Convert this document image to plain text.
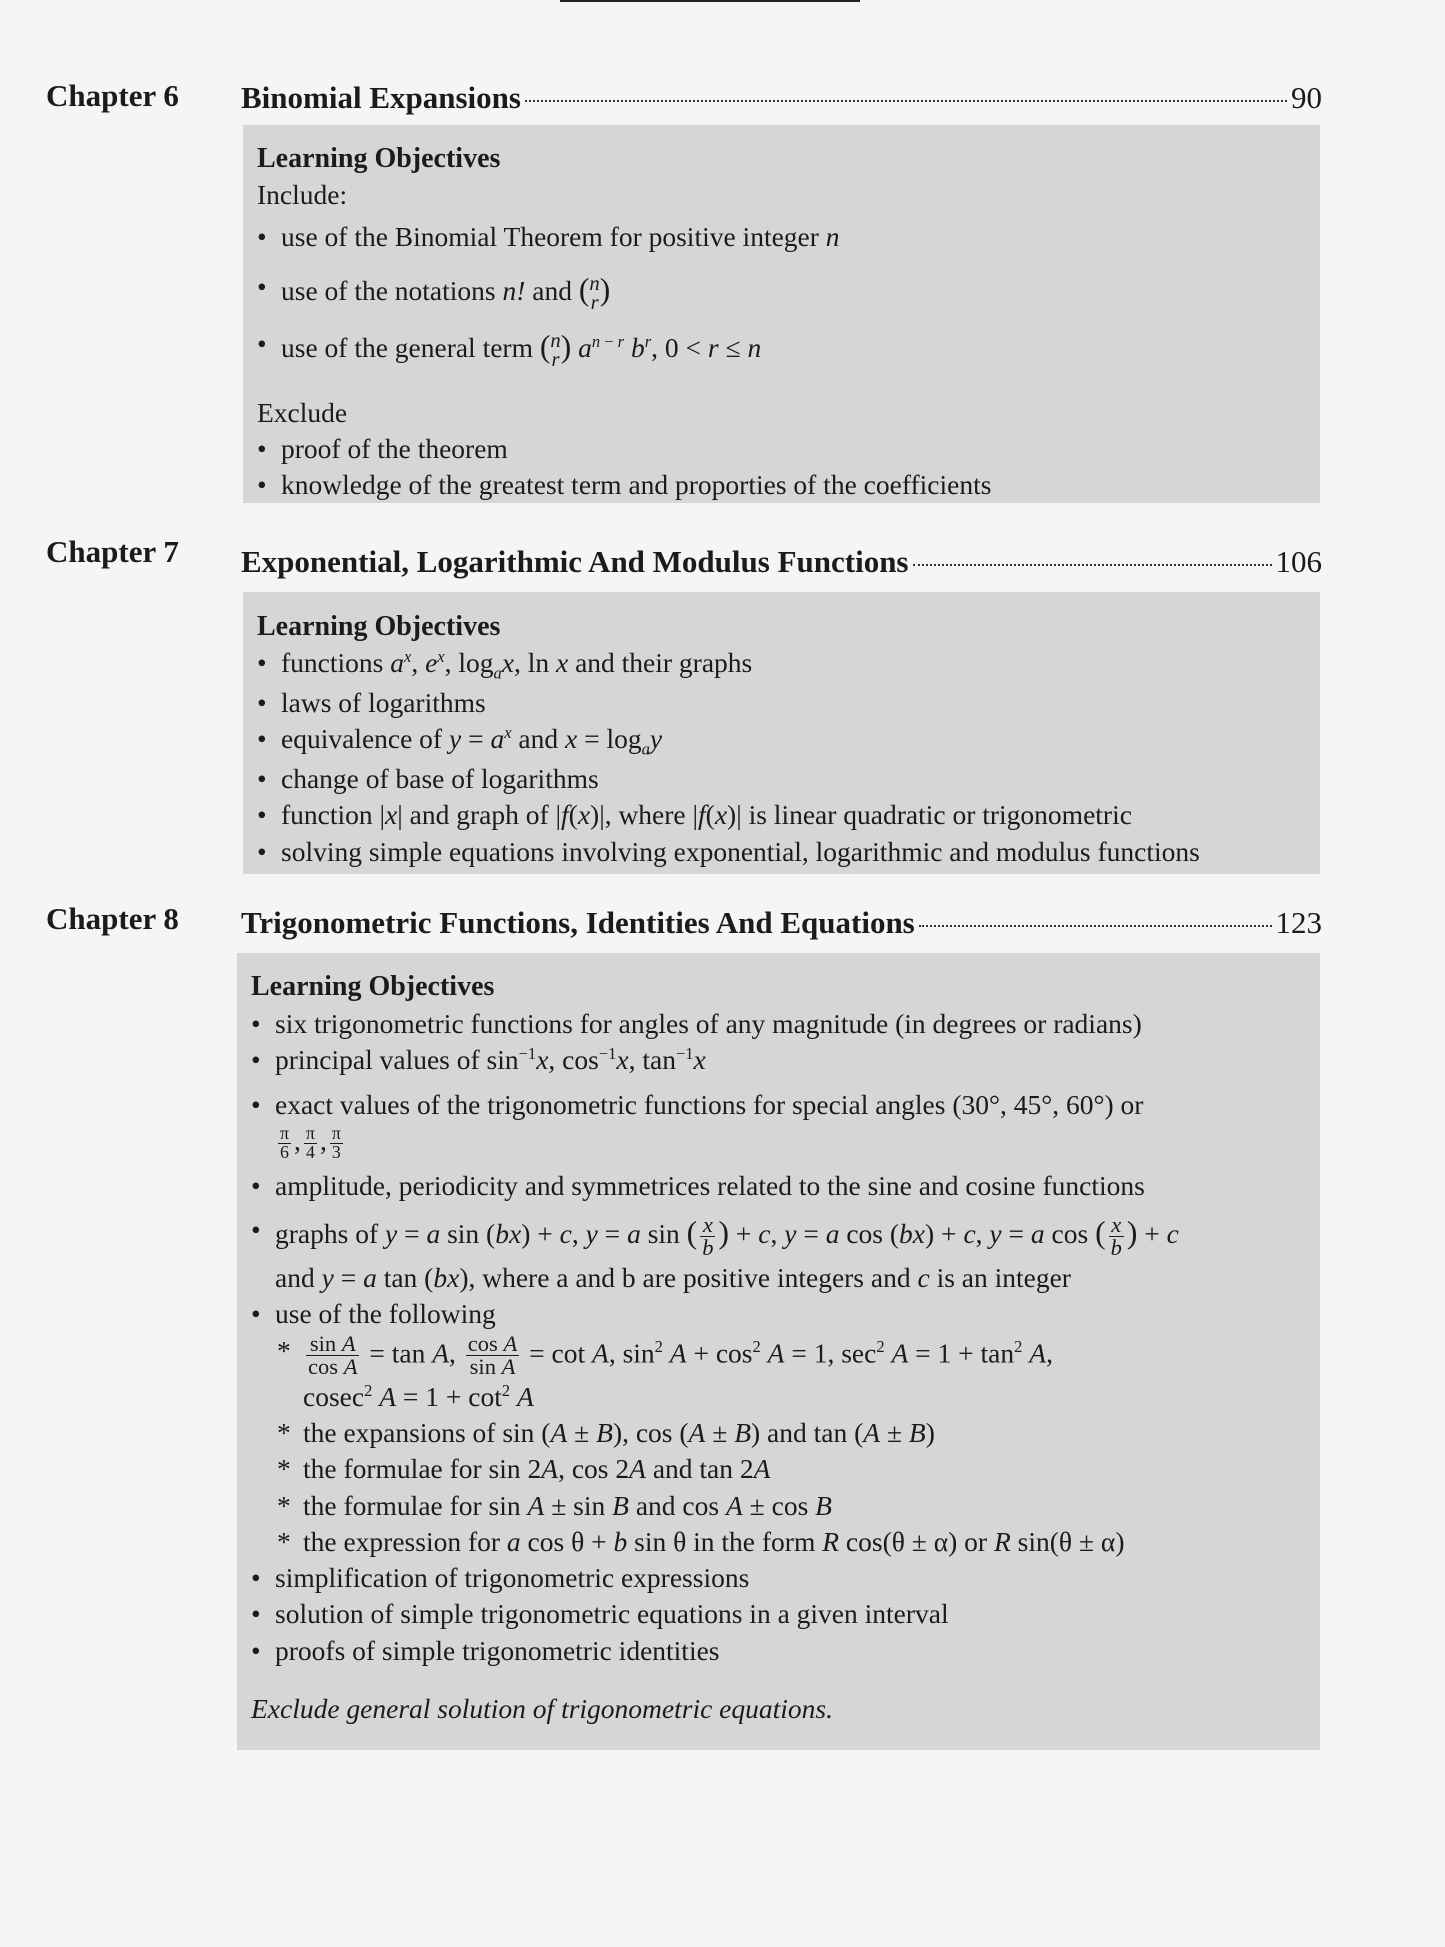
Chapter 6 Binomial Expansions	90
Learning Objectives
Include:
• use of the Binomial Theorem for positive integer n
• use of the notations n! and ( n
r )
• use of the general term ( n
r ) $a^{n - r}$ $b^r$, 0 < r ≤ n
Exclude
• proof of the theorem
• knowledge of the greatest term and proporties of the coefficients
Chapter 7 Exponential, Logarithmic And Modulus Functions	106
Learning Objectives
• functions $a^x$, $e^x$, $\log_ax$, ln x and their graphs
• laws of logarithms
• equivalence of $y = a^x$ and $x = \log_ay$
• change of base of logarithms
• function |x| and graph of |f(x)|, where |f(x)| is linear quadratic or trigonometric
• solving simple equations involving exponential, logarithmic and modulus functions
Chapter 8 Trigonometric Functions, Identities And Equations	123
Learning Objectives
• six trigonometric functions for angles of any magnitude (in degrees or radians)
• principal values of $\sin^{-1}x$, $\cos^{-1}x$, $\tan^{-1}x$
• exact values of the trigonometric functions for special angles (30°, 45°, 60°) or

$\frac{\pi}{6}$ , $\frac{\pi}{4}$ , $\frac{\pi}{3}$
• amplitude, periodicity and symmetrices related to the sine and cosine functions
• graphs of y = a sin (bx) + c, y = a sin ( $\frac{x}{b}$ ) + c, y = a cos (bx) + c, y = a cos ( $\frac{x}{b}$ ) + c
and y = a tan (bx), where a and b are positive integers and c is an integer
• use of the following
* $\frac{\text{sin A}}{\text{cos A}} = \tan A$, $\frac{\text{cos A}}{\text{sin A}} = \cot A$, $\sin^2 A + \cos^2 A = 1$, $\sec^2 A = 1 + \tan^2 A$,
cosec$^2$ $A = 1 + \cot^2 A$
* the expansions of sin (A ± B), cos (A ± B) and tan (A ± B)
* the formulae for sin 2A, cos 2A and tan 2A
* the formulae for sin A ± sin B and cos A ± cos B
* the expression for a cos θ + b sin θ in the form R cos(θ ± α) or R sin(θ ± α)
• simplification of trigonometric expressions
• solution of simple trigonometric equations in a given interval
• proofs of simple trigonometric identities
Exclude general solution of trigonometric equations.
